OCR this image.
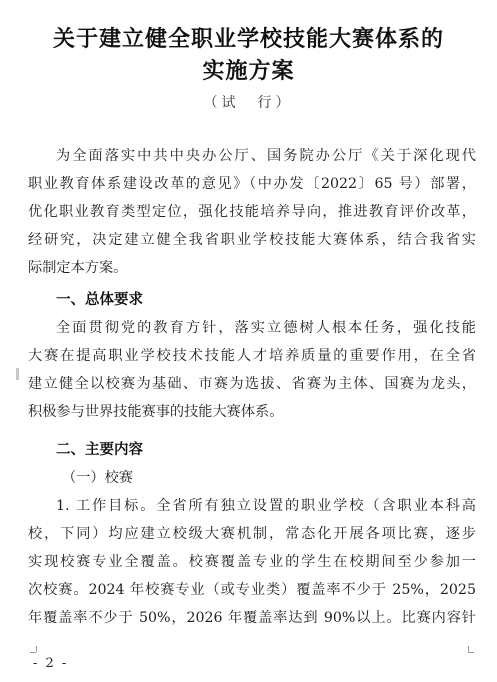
关于建立健全职业学校技能大赛体系的
实施方案
（试　行）
为全面落实中共中央办公厅、国务院办公厅《关于深化现代
职业教育体系建设改革的意见》（中办发〔2022〕65 号）部署，
优化职业教育类型定位，强化技能培养导向，推进教育评价改革，
经研究，决定建立健全我省职业学校技能大赛体系，结合我省实
际制定本方案。
一、总体要求
全面贯彻党的教育方针，落实立德树人根本任务，强化技能
大赛在提高职业学校技术技能人才培养质量的重要作用，在全省
建立健全以校赛为基础、市赛为选拔、省赛为主体、国赛为龙头，
积极参与世界技能赛事的技能大赛体系。
二、主要内容
（一）校赛
1. 工作目标。全省所有独立设置的职业学校（含职业本科高
校，下同）均应建立校级大赛机制，常态化开展各项比赛，逐步
实现校赛专业全覆盖。校赛覆盖专业的学生在校期间至少参加一
次校赛。2024 年校赛专业（或专业类）覆盖率不少于 25%，2025
年覆盖率不少于 50%，2026 年覆盖率达到 90%以上。比赛内容针
- 2 -
